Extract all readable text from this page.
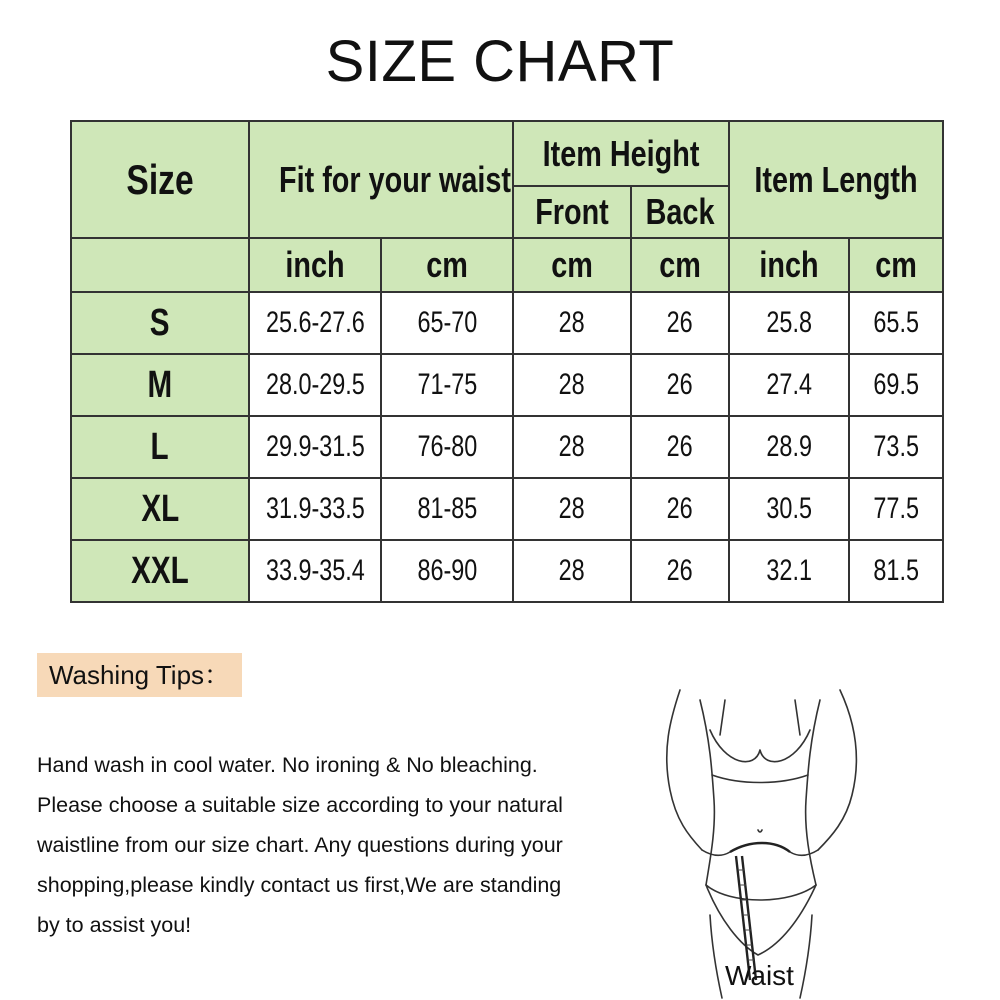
SIZE CHART
Size	Fit for your waist		Item Height		Item Length	
			Front	Back		
	inch	cm	cm	cm	inch	cm
S	25.6-27.6	65-70	28	26	25.8	65.5
M	28.0-29.5	71-75	28	26	27.4	69.5
L	29.9-31.5	76-80	28	26	28.9	73.5
XL	31.9-33.5	81-85	28	26	30.5	77.5
XXL	33.9-35.4	86-90	28	26	32.1	81.5
Washing Tips：
Hand wash in cool water. No ironing & No bleaching.
Please choose a suitable size according to your natural
waistline from our size chart. Any questions during your
shopping,please kindly contact us first,We are standing
by to assist you!
Waist
